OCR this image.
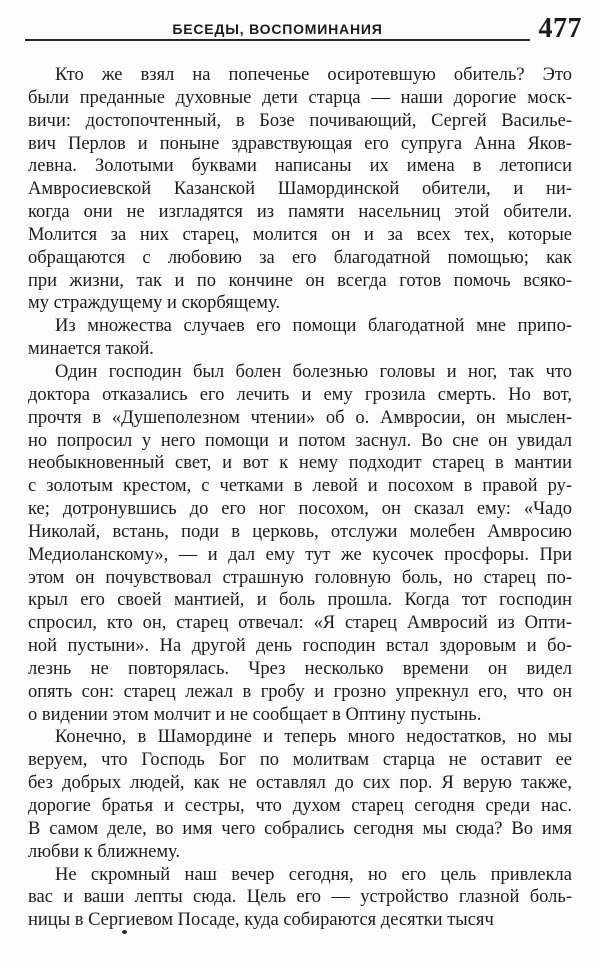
БЕСЕДЫ, ВОСПОМИНАНИЯ	477
Кто же взял на попеченье осиротевшую обитель? Это
были преданные духовные дети старца — наши дорогие моск-
вичи: достопочтенный, в Бозе почивающий, Сергей Василье-
вич Перлов и поныне здравствующая его супруга Анна Яков-
левна. Золотыми буквами написаны их имена в летописи
Амвросиевской Казанской Шамординской обители, и ни-
когда они не изгладятся из памяти насельниц этой обители.
Молится за них старец, молится он и за всех тех, которые
обращаются с любовию за его благодатной помощью; как
при жизни, так и по кончине он всегда готов помочь всяко-
му страждущему и скорбящему.
Из множества случаев его помощи благодатной мне припо-
минается такой.
Один господин был болен болезнью головы и ног, так что
доктора отказались его лечить и ему грозила смерть. Но вот,
прочтя в «Душеполезном чтении» об о. Амвросии, он мыслен-
но попросил у него помощи и потом заснул. Во сне он увидал
необыкновенный свет, и вот к нему подходит старец в мантии
с золотым крестом, с четками в левой и посохом в правой ру-
ке; дотронувшись до его ног посохом, он сказал ему: «Чадо
Николай, встань, поди в церковь, отслужи молебен Амвросию
Медиоланскому», — и дал ему тут же кусочек просфоры. При
этом он почувствовал страшную головную боль, но старец по-
крыл его своей мантией, и боль прошла. Когда тот господин
спросил, кто он, старец отвечал: «Я старец Амвросий из Опти-
ной пустыни». На другой день господин встал здоровым и бо-
лезнь не повторялась. Чрез несколько времени он видел
опять сон: старец лежал в гробу и грозно упрекнул его, что он
о видении этом молчит и не сообщает в Оптину пустынь.
Конечно, в Шамордине и теперь много недостатков, но мы
веруем, что Господь Бог по молитвам старца не оставит ее
без добрых людей, как не оставлял до сих пор. Я верую также,
дорогие братья и сестры, что духом старец сегодня среди нас.
В самом деле, во имя чего собрались сегодня мы сюда? Во имя
любви к ближнему.
Не скромный наш вечер сегодня, но его цель привлекла
вас и ваши лепты сюда. Цель его — устройство глазной боль-
ницы в Сергиевом Посаде, куда собираются десятки тысяч
